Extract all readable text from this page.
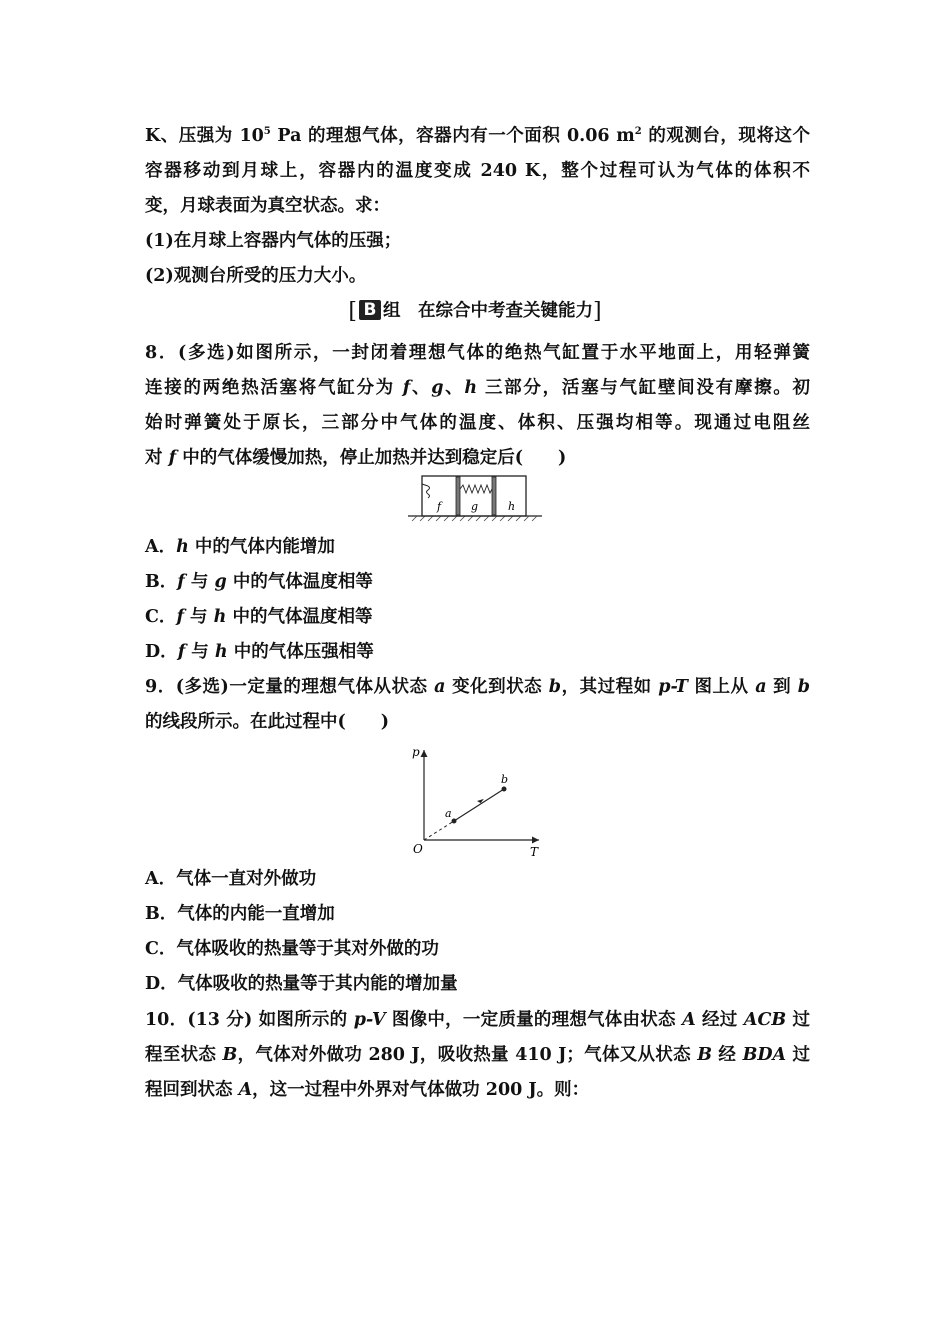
K、压强为 $10^5$ Pa 的理想气体，容器内有一个面积 0.06 $m^2$ 的观测台，现将这个
容器移动到月球上，容器内的温度变成 240 K，整个过程可认为气体的体积不
变，月球表面为真空状态。求：
(1)在月球上容器内气体的压强；
(2)观测台所受的压力大小。
[ B 组　在综合中考查关键能力]
8．(多选)如图所示，一封闭着理想气体的绝热气缸置于水平地面上，用轻弹簧
连接的两绝热活塞将气缸分为 f、g、h 三部分，活塞与气缸壁间没有摩擦。初
始时弹簧处于原长，三部分中气体的温度、体积、压强均相等。现通过电阻丝
对 f 中的气体缓慢加热，停止加热并达到稳定后(　　)
f	g	h
A．h 中的气体内能增加
B．f 与 g 中的气体温度相等
C．f 与 h 中的气体温度相等
D．f 与 h 中的气体压强相等
9．(多选)一定量的理想气体从状态 a 变化到状态 b，其过程如 p-T 图上从 a 到 b
的线段所示。在此过程中(　　)
p
T
O
a
b
A．气体一直对外做功
B．气体的内能一直增加
C．气体吸收的热量等于其对外做的功
D．气体吸收的热量等于其内能的增加量
10．(13 分) 如图所示的 p-V 图像中，一定质量的理想气体由状态 A 经过 ACB 过
程至状态 B，气体对外做功 280 J，吸收热量 410 J；气体又从状态 B 经 BDA 过
程回到状态 A，这一过程中外界对气体做功 200 J。则：
